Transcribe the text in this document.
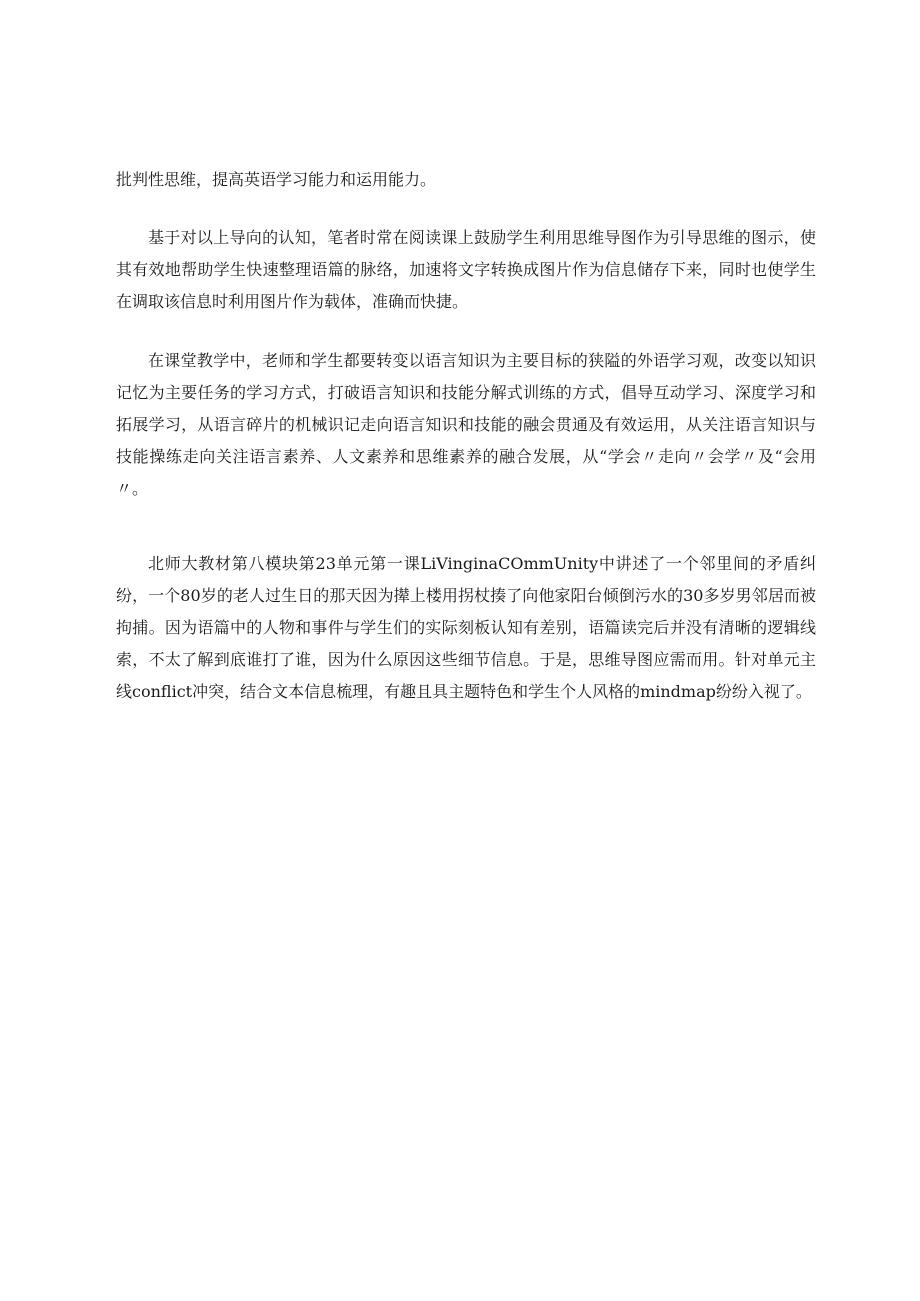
批判性思维，提高英语学习能力和运用能力。

基于对以上导向的认知，笔者时常在阅读课上鼓励学生利用思维导图作为引导思维的图示，使其有效地帮助学生快速整理语篇的脉络，加速将文字转换成图片作为信息储存下来，同时也使学生在调取该信息时利用图片作为载体，准确而快捷。

在课堂教学中，老师和学生都要转变以语言知识为主要目标的狭隘的外语学习观，改变以知识记忆为主要任务的学习方式，打破语言知识和技能分解式训练的方式，倡导互动学习、深度学习和拓展学习，从语言碎片的机械识记走向语言知识和技能的融会贯通及有效运用，从关注语言知识与技能操练走向关注语言素养、人文素养和思维素养的融合发展，从“学会〃走向〃会学〃及“会用〃。

北师大教材第八模块第23单元第一课LiVinginaCOmmUnity中讲述了一个邻里间的矛盾纠纷，一个80岁的老人过生日的那天因为撵上楼用拐杖揍了向他家阳台倾倒污水的30多岁男邻居而被拘捕。因为语篇中的人物和事件与学生们的实际刻板认知有差别，语篇读完后并没有清晰的逻辑线索，不太了解到底谁打了谁，因为什么原因这些细节信息。于是，思维导图应需而用。针对单元主线conflict冲突，结合文本信息梳理，有趣且具主题特色和学生个人风格的mindmap纷纷入视了。
